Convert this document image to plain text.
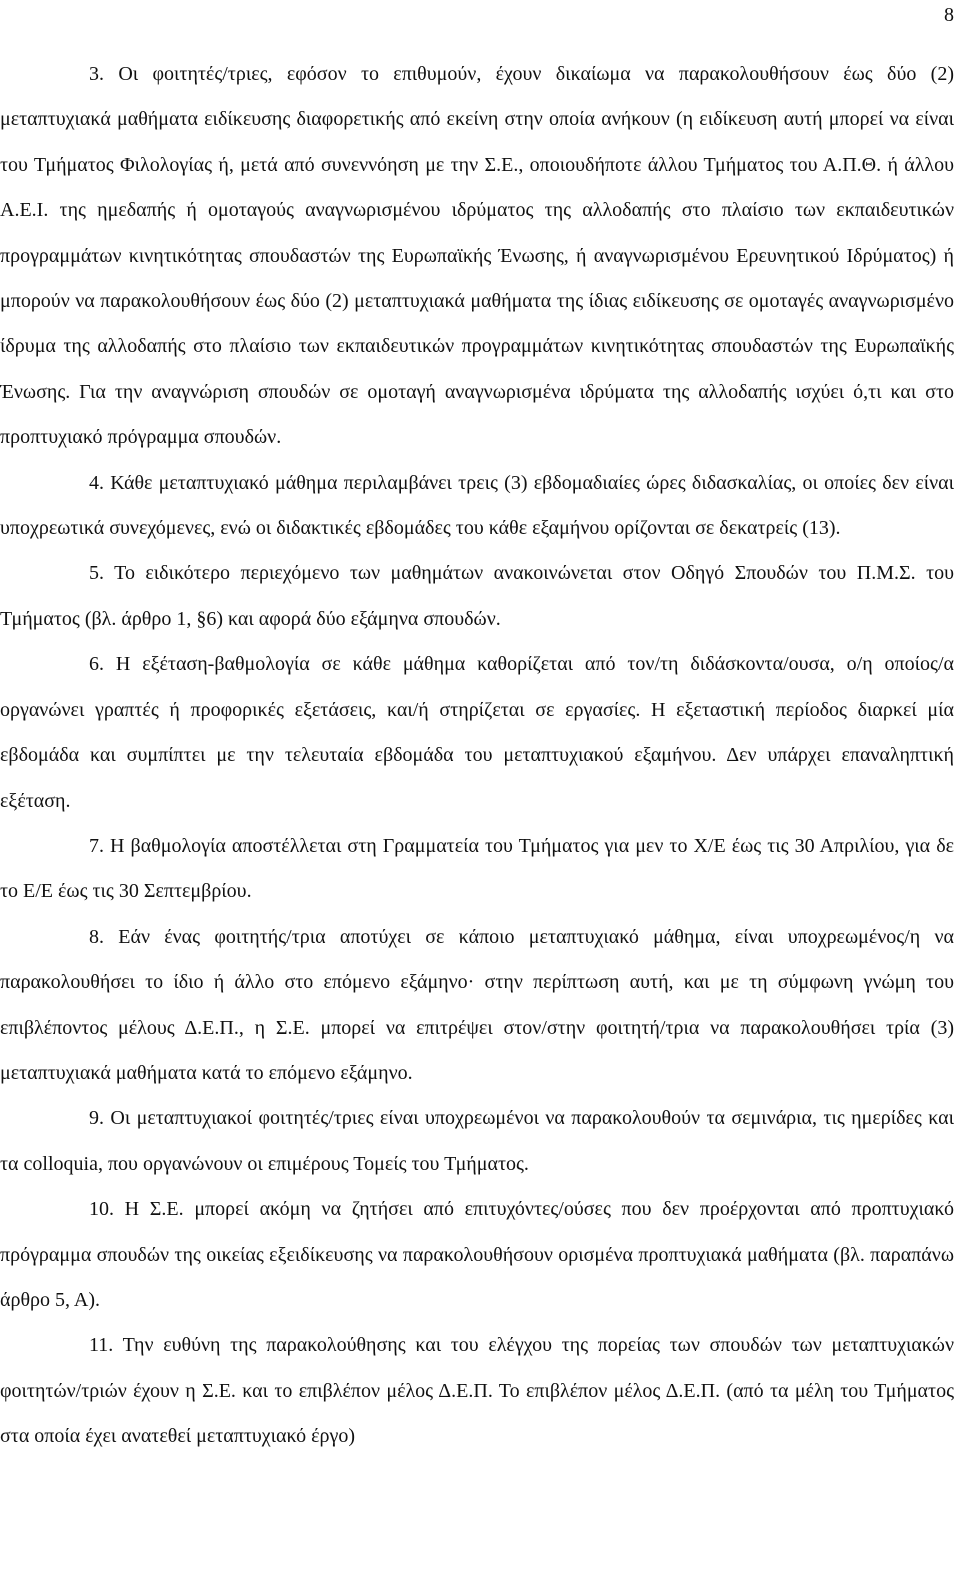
8

3. Οι φοιτητές/τριες, εφόσον το επιθυμούν, έχουν δικαίωμα να παρακολουθήσουν έως δύο (2) μεταπτυχιακά μαθήματα ειδίκευσης διαφορετικής από εκείνη στην οποία ανήκουν (η ειδίκευση αυτή μπορεί να είναι του Τμήματος Φιλολογίας ή, μετά από συνεννόηση με την Σ.Ε., οποιουδήποτε άλλου Τμήματος του Α.Π.Θ. ή άλλου Α.Ε.Ι. της ημεδαπής ή ομοταγούς αναγνωρισμένου ιδρύματος της αλλοδαπής στο πλαίσιο των εκπαιδευτικών προγραμμάτων κινητικότητας σπουδαστών της Ευρωπαϊκής Ένωσης, ή αναγνωρισμένου Ερευνητικού Ιδρύματος) ή μπορούν να παρακολουθήσουν έως δύο (2) μεταπτυχιακά μαθήματα της ίδιας ειδίκευσης σε ομοταγές αναγνωρισμένο ίδρυμα της αλλοδαπής στο πλαίσιο των εκπαιδευτικών προγραμμάτων κινητικότητας σπουδαστών της Ευρωπαϊκής Ένωσης. Για την αναγνώριση σπουδών σε ομοταγή αναγνωρισμένα ιδρύματα της αλλοδαπής ισχύει ό,τι και στο προπτυχιακό πρόγραμμα σπουδών.

4. Κάθε μεταπτυχιακό μάθημα περιλαμβάνει τρεις (3) εβδομαδιαίες ώρες διδασκαλίας, οι οποίες δεν είναι υποχρεωτικά συνεχόμενες, ενώ οι διδακτικές εβδομάδες του κάθε εξαμήνου ορίζονται σε δεκατρείς (13).

5. Το ειδικότερο περιεχόμενο των μαθημάτων ανακοινώνεται στον Οδηγό Σπουδών του Π.Μ.Σ. του Τμήματος (βλ. άρθρο 1, §6) και αφορά δύο εξάμηνα σπουδών.

6. Η εξέταση-βαθμολογία σε κάθε μάθημα καθορίζεται από τον/τη διδάσκοντα/ουσα, ο/η οποίος/α οργανώνει γραπτές ή προφορικές εξετάσεις, και/ή στηρίζεται σε εργασίες. Η εξεταστική περίοδος διαρκεί μία εβδομάδα και συμπίπτει με την τελευταία εβδομάδα του μεταπτυχιακού εξαμήνου. Δεν υπάρχει επαναληπτική εξέταση.

7. Η βαθμολογία αποστέλλεται στη Γραμματεία του Τμήματος για μεν το Χ/Ε έως τις 30 Απριλίου, για δε το Ε/Ε έως τις 30 Σεπτεμβρίου.

8. Εάν ένας φοιτητής/τρια αποτύχει σε κάποιο μεταπτυχιακό μάθημα, είναι υποχρεωμένος/η να παρακολουθήσει το ίδιο ή άλλο στο επόμενο εξάμηνο· στην περίπτωση αυτή, και με τη σύμφωνη γνώμη του επιβλέποντος μέλους Δ.Ε.Π., η Σ.Ε. μπορεί να επιτρέψει στον/στην φοιτητή/τρια να παρακολουθήσει τρία (3) μεταπτυχιακά μαθήματα κατά το επόμενο εξάμηνο.

9. Οι μεταπτυχιακοί φοιτητές/τριες είναι υποχρεωμένοι να παρακολουθούν τα σεμινάρια, τις ημερίδες και τα colloquia, που οργανώνουν οι επιμέρους Τομείς του Τμήματος.

10. Η Σ.Ε. μπορεί ακόμη να ζητήσει από επιτυχόντες/ούσες που δεν προέρχονται από προπτυχιακό πρόγραμμα σπουδών της οικείας εξειδίκευσης να παρακολουθήσουν ορισμένα προπτυχιακά μαθήματα (βλ. παραπάνω άρθρο 5, Α).

11. Την ευθύνη της παρακολούθησης και του ελέγχου της πορείας των σπουδών των μεταπτυχιακών φοιτητών/τριών έχουν η Σ.Ε. και το επιβλέπον μέλος Δ.Ε.Π. Το επιβλέπον μέλος Δ.Ε.Π. (από τα μέλη του Τμήματος στα οποία έχει ανατεθεί μεταπτυχιακό έργο)
